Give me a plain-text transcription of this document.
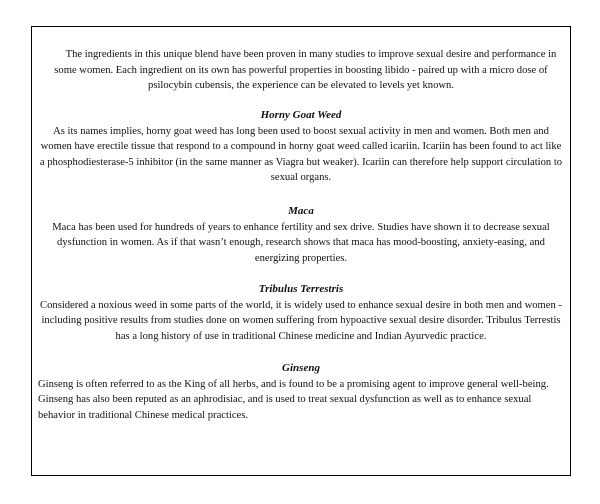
The ingredients in this unique blend have been proven in many studies to improve sexual desire and performance in some women. Each ingredient on its own has powerful properties in boosting libido - paired up with a micro dose of psilocybin cubensis, the experience can be elevated to levels yet known.

Horny Goat Weed

As its names implies, horny goat weed has long been used to boost sexual activity in men and women. Both men and women have erectile tissue that respond to a compound in horny goat weed called icariin. Icariin has been found to act like a phosphodiesterase-5 inhibitor (in the same manner as Viagra but weaker). Icariin can therefore help support circulation to sexual organs.

Maca

Maca has been used for hundreds of years to enhance fertility and sex drive. Studies have shown it to decrease sexual dysfunction in women. As if that wasn’t enough, research shows that maca has mood-boosting, anxiety-easing, and energizing properties.

Tribulus Terrestris

Considered a noxious weed in some parts of the world, it is widely used to enhance sexual desire in both men and women - including positive results from studies done on women suffering from hypoactive sexual desire disorder. Tribulus Terrestis has a long history of use in traditional Chinese medicine and Indian Ayurvedic practice.

Ginseng

Ginseng is often referred to as the King of all herbs, and is found to be a promising agent to improve general well-being. Ginseng has also been reputed as an aphrodisiac, and is used to treat sexual dysfunction as well as to enhance sexual behavior in traditional Chinese medical practices.
